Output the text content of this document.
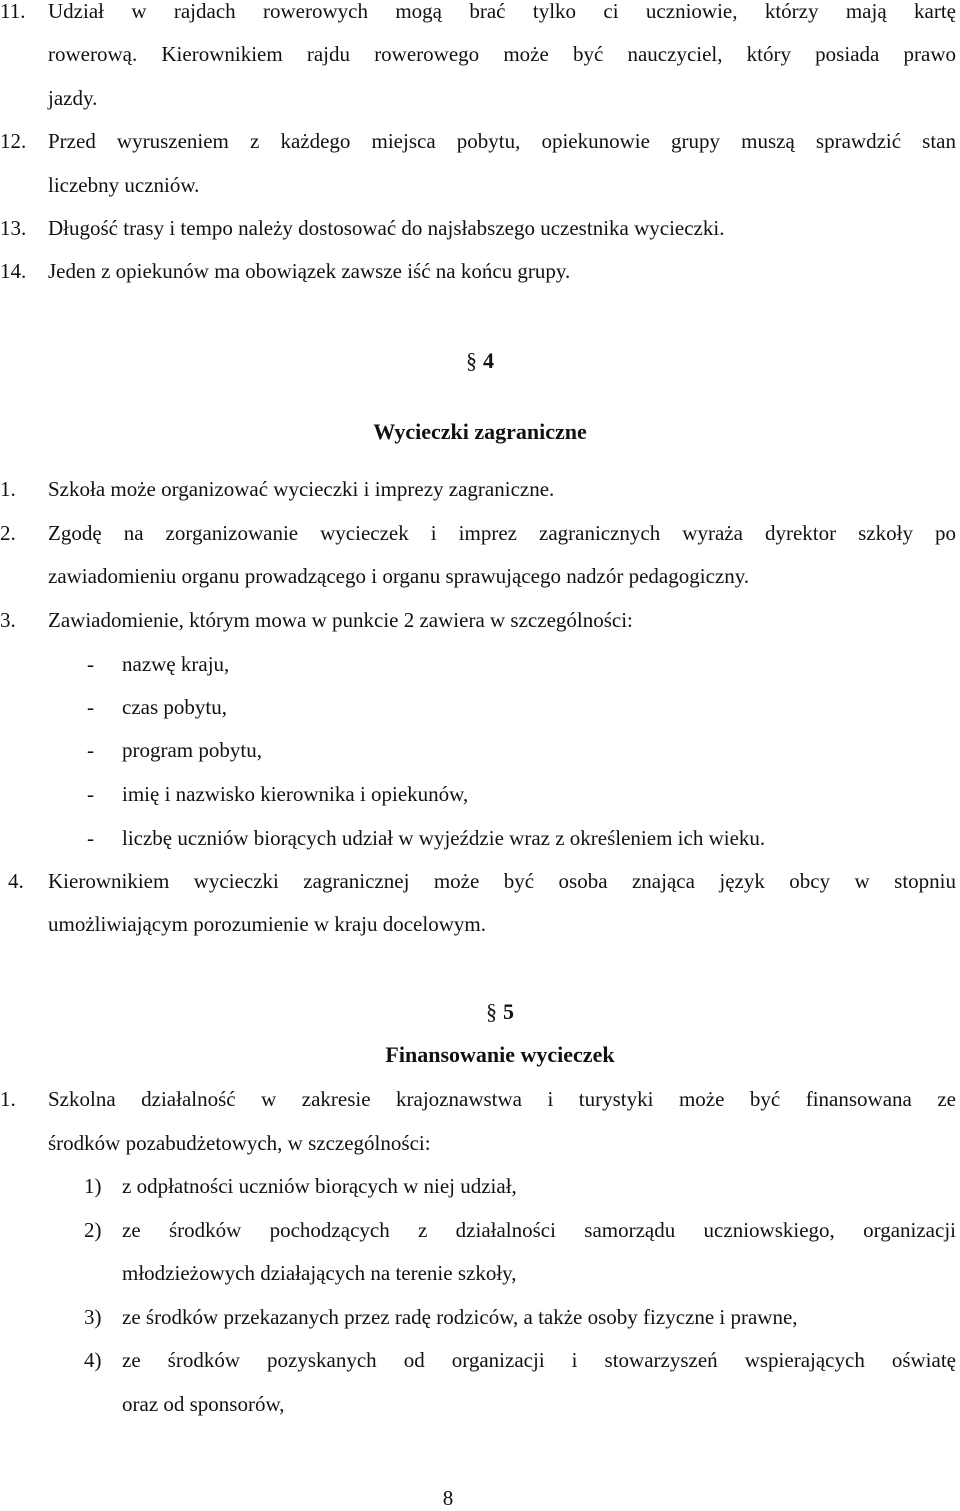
11. Udział w rajdach rowerowych mogą brać tylko ci uczniowie, którzy mają kartę
rowerową. Kierownikiem rajdu rowerowego może być nauczyciel, który posiada prawo
jazdy.
12. Przed wyruszeniem z każdego miejsca pobytu, opiekunowie grupy muszą sprawdzić stan
liczebny uczniów.
13. Długość trasy i tempo należy dostosować do najsłabszego uczestnika wycieczki.
14. Jeden z opiekunów ma obowiązek zawsze iść na końcu grupy.
§ 4
Wycieczki zagraniczne
1. Szkoła może organizować wycieczki i imprezy zagraniczne.
2. Zgodę na zorganizowanie wycieczek i imprez zagranicznych wyraża dyrektor szkoły po
zawiadomieniu organu prowadzącego i organu sprawującego nadzór pedagogiczny.
3. Zawiadomienie, którym mowa w punkcie 2 zawiera w szczególności:
- nazwę kraju,
- czas pobytu,
- program pobytu,
- imię i nazwisko kierownika i opiekunów,
- liczbę uczniów biorących udział w wyjeździe wraz z określeniem ich wieku.
4. Kierownikiem wycieczki zagranicznej może być osoba znająca język obcy w stopniu
umożliwiającym porozumienie w kraju docelowym.
§ 5
Finansowanie wycieczek
1. Szkolna działalność w zakresie krajoznawstwa i turystyki może być finansowana ze
środków pozabudżetowych, w szczególności:
1) z odpłatności uczniów biorących w niej udział,
2) ze środków pochodzących z działalności samorządu uczniowskiego, organizacji
młodzieżowych działających na terenie szkoły,
3) ze środków przekazanych przez radę rodziców, a także osoby fizyczne i prawne,
4) ze środków pozyskanych od organizacji i stowarzyszeń wspierających oświatę
oraz od sponsorów,
8
